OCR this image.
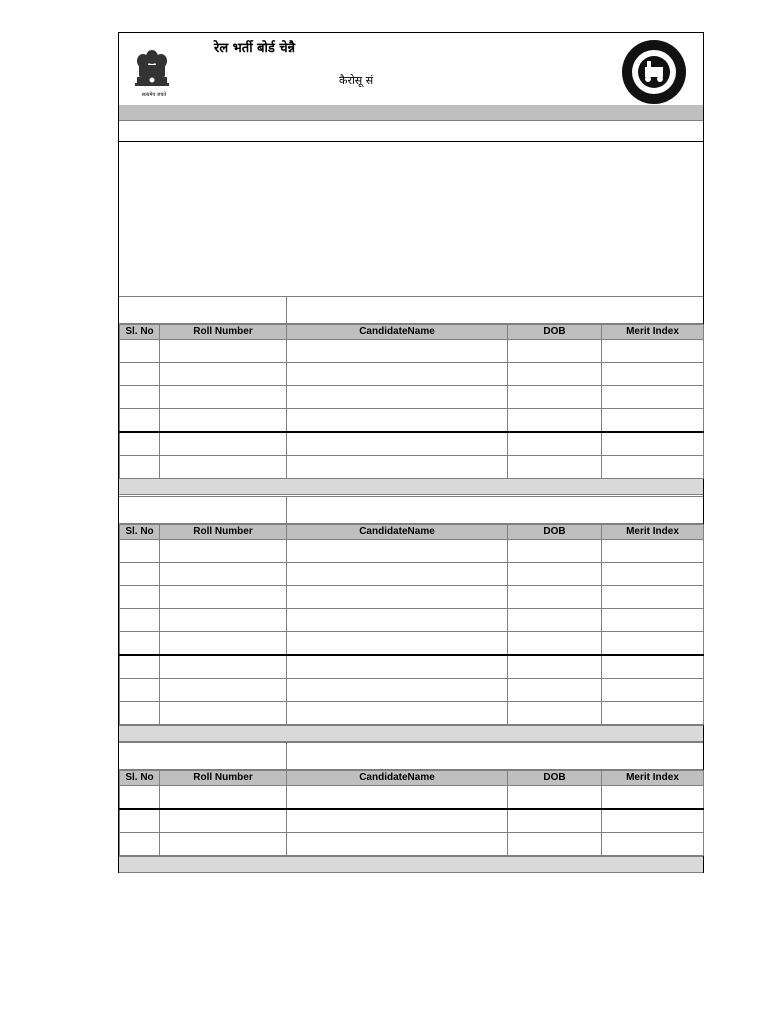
सत्यमेव जयते
रेल भर्ती बोर्ड चेन्नै
कैरोसू सं
Sl. No	Roll Number	CandidateName	DOB	Merit Index

Sl. No	Roll Number	CandidateName	DOB	Merit Index

Sl. No	Roll Number	CandidateName	DOB	Merit Index
